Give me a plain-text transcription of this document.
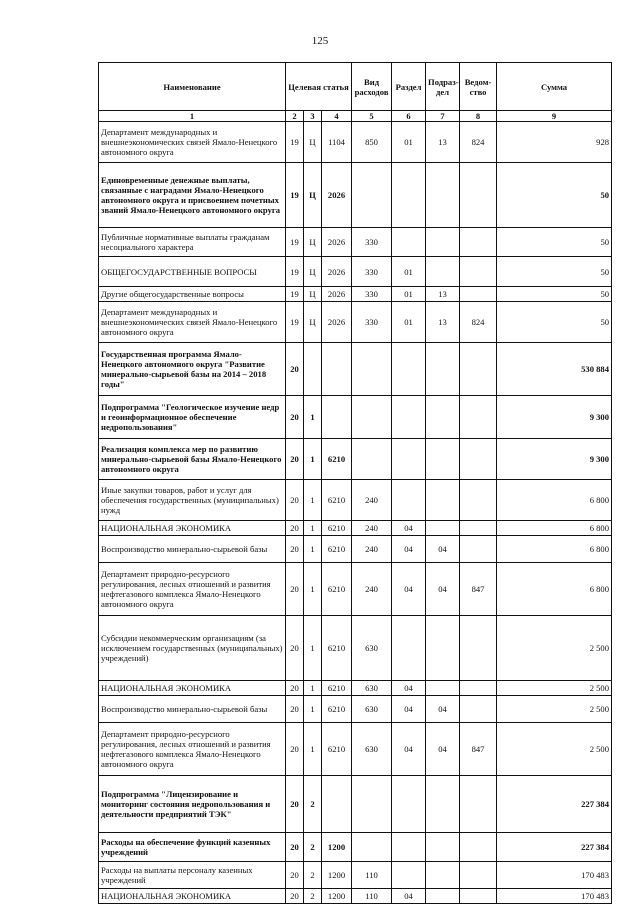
125
Наименование	Целевая статья			Вид расходов	Раздел	Подраз-дел	Ведом-ство	Сумма
1	2	3	4	5	6	7	8	9
Департамент международных и внешнеэкономических связей Ямало-Ненецкого автономного округа	19	Ц	1104	850	01	13	824	928
Единовременные денежные выплаты, связанные с наградами Ямало-Ненецкого автономного округа и присвоением почетных званий Ямало-Ненецкого автономного округа	19	Ц	2026					50
Публичные нормативные выплаты гражданам несоциального характера	19	Ц	2026	330				50
ОБЩЕГОСУДАРСТВЕННЫЕ ВОПРОСЫ	19	Ц	2026	330	01			50
Другие общегосударственные вопросы	19	Ц	2026	330	01	13		50
Департамент международных и внешнеэкономических связей Ямало-Ненецкого автономного округа	19	Ц	2026	330	01	13	824	50
Государственная программа Ямало-Ненецкого автономного округа "Развитие минерально-сырьевой базы на 2014 – 2018 годы"	20							530 884
Подпрограмма "Геологическое изучение недр и геоинформационное обеспечение недропользования"	20	1						9 300
Реализация комплекса мер по развитию минерально-сырьевой базы Ямало-Ненецкого автономного округа	20	1	6210					9 300
Иные закупки товаров, работ и услуг для обеспечения государственных (муниципальных) нужд	20	1	6210	240				6 800
НАЦИОНАЛЬНАЯ ЭКОНОМИКА	20	1	6210	240	04			6 800
Воспроизводство минерально-сырьевой базы	20	1	6210	240	04	04		6 800
Департамент природно-ресурсного регулирования, лесных отношений и развития нефтегазового комплекса Ямало-Ненецкого автономного округа	20	1	6210	240	04	04	847	6 800
Субсидии некоммерческим организациям (за исключением государственных (муниципальных) учреждений)	20	1	6210	630				2 500
НАЦИОНАЛЬНАЯ ЭКОНОМИКА	20	1	6210	630	04			2 500
Воспроизводство минерально-сырьевой базы	20	1	6210	630	04	04		2 500
Департамент природно-ресурсного регулирования, лесных отношений и развития нефтегазового комплекса Ямало-Ненецкого автономного округа	20	1	6210	630	04	04	847	2 500
Подпрограмма "Лицензирование и мониторинг состояния недропользования и деятельности предприятий ТЭК"	20	2						227 384
Расходы на обеспечение функций казенных учреждений	20	2	1200					227 384
Расходы на выплаты персоналу казенных учреждений	20	2	1200	110				170 483
НАЦИОНАЛЬНАЯ ЭКОНОМИКА	20	2	1200	110	04			170 483
